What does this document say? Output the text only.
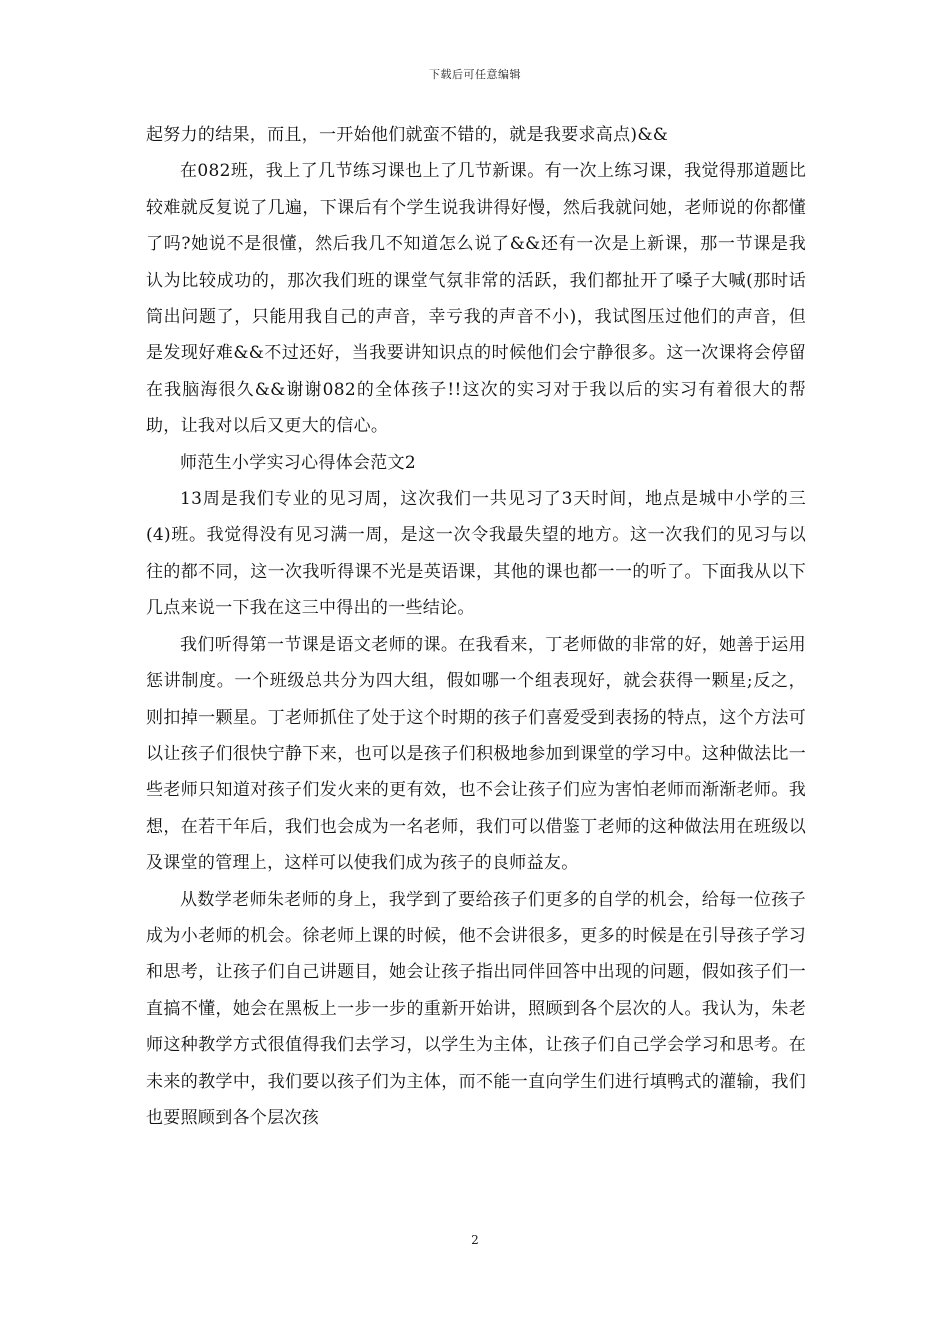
下载后可任意编辑

起努力的结果，而且，一开始他们就蛮不错的，就是我要求高点)&&

在082班，我上了几节练习课也上了几节新课。有一次上练习课，我觉得那道题比较难就反复说了几遍，下课后有个学生说我讲得好慢，然后我就问她，老师说的你都懂了吗?她说不是很懂，然后我几不知道怎么说了&&还有一次是上新课，那一节课是我认为比较成功的，那次我们班的课堂气氛非常的活跃，我们都扯开了嗓子大喊(那时话筒出问题了，只能用我自己的声音，幸亏我的声音不小)，我试图压过他们的声音，但是发现好难&&不过还好，当我要讲知识点的时候他们会宁静很多。这一次课将会停留在我脑海很久&&谢谢082的全体孩子!!这次的实习对于我以后的实习有着很大的帮助，让我对以后又更大的信心。

师范生小学实习心得体会范文2

13周是我们专业的见习周，这次我们一共见习了3天时间，地点是城中小学的三(4)班。我觉得没有见习满一周，是这一次令我最失望的地方。这一次我们的见习与以往的都不同，这一次我听得课不光是英语课，其他的课也都一一的听了。下面我从以下几点来说一下我在这三中得出的一些结论。

我们听得第一节课是语文老师的课。在我看来，丁老师做的非常的好，她善于运用惩讲制度。一个班级总共分为四大组，假如哪一个组表现好，就会获得一颗星;反之，则扣掉一颗星。丁老师抓住了处于这个时期的孩子们喜爱受到表扬的特点，这个方法可以让孩子们很快宁静下来，也可以是孩子们积极地参加到课堂的学习中。这种做法比一些老师只知道对孩子们发火来的更有效，也不会让孩子们应为害怕老师而渐渐老师。我想，在若干年后，我们也会成为一名老师，我们可以借鉴丁老师的这种做法用在班级以及课堂的管理上，这样可以使我们成为孩子的良师益友。

从数学老师朱老师的身上，我学到了要给孩子们更多的自学的机会，给每一位孩子成为小老师的机会。徐老师上课的时候，他不会讲很多，更多的时候是在引导孩子学习和思考，让孩子们自己讲题目，她会让孩子指出同伴回答中出现的问题，假如孩子们一直搞不懂，她会在黑板上一步一步的重新开始讲，照顾到各个层次的人。我认为，朱老师这种教学方式很值得我们去学习，以学生为主体，让孩子们自己学会学习和思考。在未来的教学中，我们要以孩子们为主体，而不能一直向学生们进行填鸭式的灌输，我们也要照顾到各个层次孩

2
